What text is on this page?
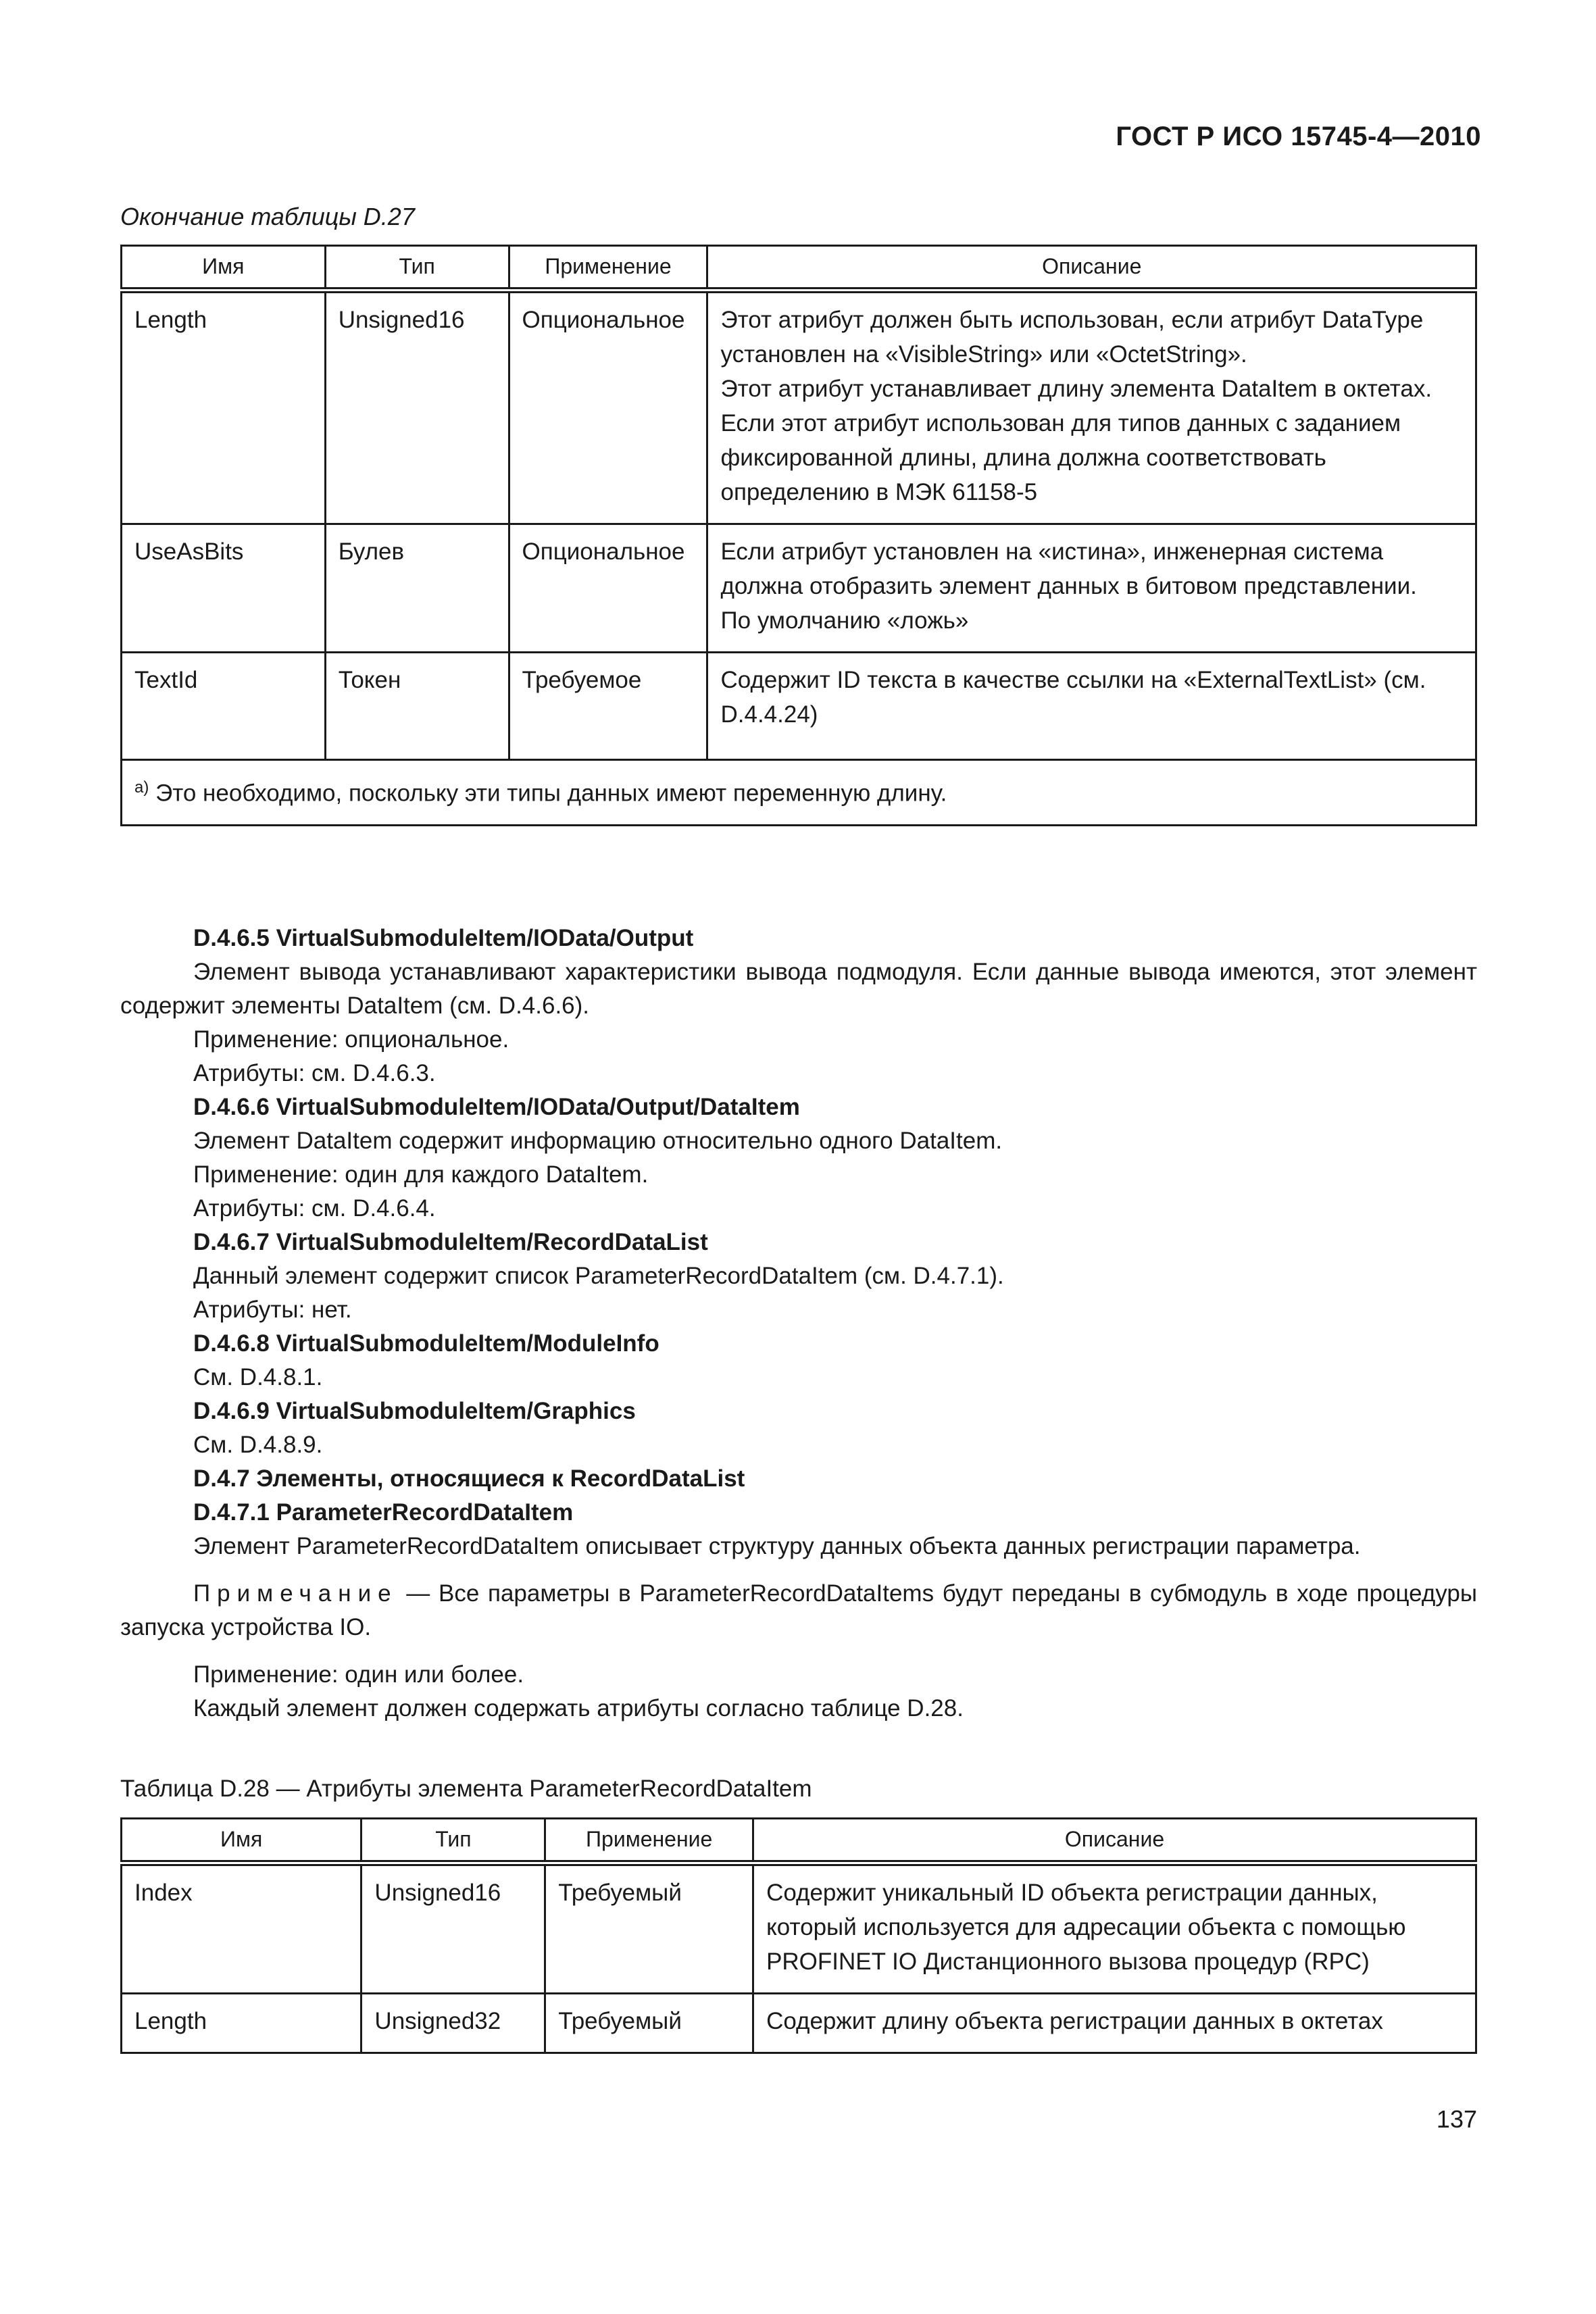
ГОСТ Р ИСО 15745-4—2010
Окончание таблицы D.27
Имя	Тип	Применение	Описание
Length	Unsigned16	Опциональное	Этот атрибут должен быть использован, если атрибут DataType установлен на «VisibleString» или «OctetString».
Этот атрибут устанавливает длину элемента DataItem в октетах.
Если этот атрибут использован для типов данных с заданием фиксированной длины, длина должна соответствовать определению в МЭК 61158-5

UseAsBits	Булев	Опциональное	Если атрибут установлен на «истина», инженерная система должна отобразить элемент данных в битовом представлении.
По умолчанию «ложь»

TextId	Токен	Требуемое	Содержит ID текста в качестве ссылки на «ExternalTextList» (см. D.4.4.24)

$^{a)}$ Это необходимо, поскольку эти типы данных имеют переменную длину.			

D.4.6.5 VirtualSubmoduleItem/IOData/Output

Элемент вывода устанавливают характеристики вывода подмодуля. Если данные вывода имеются, этот элемент содержит элементы DataItem (см. D.4.6.6).

Применение: опциональное.

Атрибуты: см. D.4.6.3.

D.4.6.6 VirtualSubmoduleItem/IOData/Output/DataItem

Элемент DataItem содержит информацию относительно одного DataItem.

Применение: один для каждого DataItem.

Атрибуты: см. D.4.6.4.

D.4.6.7 VirtualSubmoduleItem/RecordDataList

Данный элемент содержит список ParameterRecordDataItem (см. D.4.7.1).

Атрибуты: нет.

D.4.6.8 VirtualSubmoduleItem/ModuleInfo

См. D.4.8.1.

D.4.6.9 VirtualSubmoduleItem/Graphics

См. D.4.8.9.

D.4.7 Элементы, относящиеся к RecordDataList

D.4.7.1 ParameterRecordDataItem

Элемент ParameterRecordDataItem описывает структуру данных объекта данных регистрации параметра.

Примечание — Все параметры в ParameterRecordDataItems будут переданы в субмодуль в ходе процедуры запуска устройства IO.

Применение: один или более.

Каждый элемент должен содержать атрибуты согласно таблице D.28.

Таблица D.28 — Атрибуты элемента ParameterRecordDataItem
Имя	Тип	Применение	Описание
Index	Unsigned16	Требуемый	Содержит уникальный ID объекта регистрации данных, который используется для адресации объекта с помощью PROFINET IO Дистанционного вызова процедур (RPC)
Length	Unsigned32	Требуемый	Содержит длину объекта регистрации данных в октетах
137
